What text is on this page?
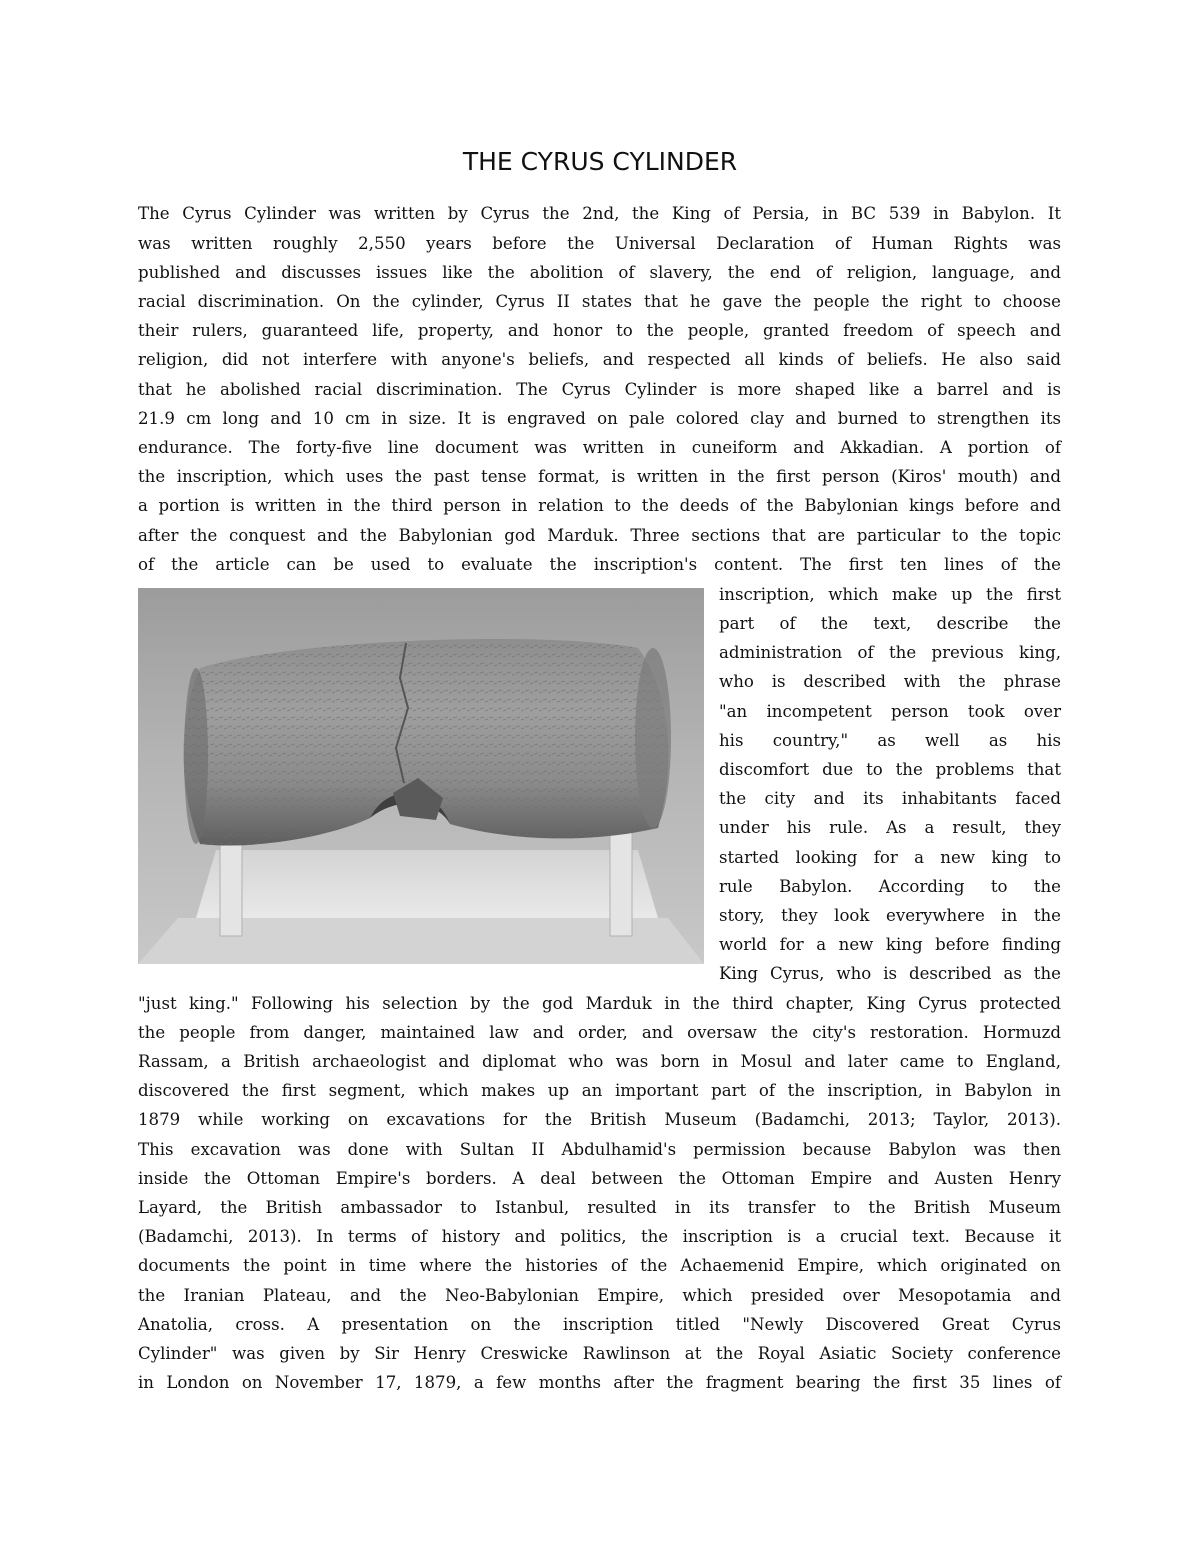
THE CYRUS CYLINDER
The Cyrus Cylinder was written by Cyrus the 2nd, the King of Persia, in BC 539 in Babylon. It
was written roughly 2,550 years before the Universal Declaration of Human Rights was
published and discusses issues like the abolition of slavery, the end of religion, language, and
racial discrimination. On the cylinder, Cyrus II states that he gave the people the right to choose
their rulers, guaranteed life, property, and honor to the people, granted freedom of speech and
religion, did not interfere with anyone's beliefs, and respected all kinds of beliefs. He also said
that he abolished racial discrimination. The Cyrus Cylinder is more shaped like a barrel and is
21.9 cm long and 10 cm in size. It is engraved on pale colored clay and burned to strengthen its
endurance. The forty-five line document was written in cuneiform and Akkadian. A portion of
the inscription, which uses the past tense format, is written in the first person (Kiros' mouth) and
a portion is written in the third person in relation to the deeds of the Babylonian kings before and
after the conquest and the Babylonian god Marduk. Three sections that are particular to the topic
of the article can be used to evaluate the inscription's content. The first ten lines of the
inscription, which make up the first
part of the text, describe the
administration of the previous king,
who is described with the phrase
"an incompetent person took over
his country," as well as his
discomfort due to the problems that
the city and its inhabitants faced
under his rule. As a result, they
started looking for a new king to
rule Babylon. According to the
story, they look everywhere in the
world for a new king before finding
King Cyrus, who is described as the
"just king." Following his selection by the god Marduk in the third chapter, King Cyrus protected
the people from danger, maintained law and order, and oversaw the city's restoration. Hormuzd
Rassam, a British archaeologist and diplomat who was born in Mosul and later came to England,
discovered the first segment, which makes up an important part of the inscription, in Babylon in
1879 while working on excavations for the British Museum (Badamchi, 2013; Taylor, 2013).
This excavation was done with Sultan II Abdulhamid's permission because Babylon was then
inside the Ottoman Empire's borders. A deal between the Ottoman Empire and Austen Henry
Layard, the British ambassador to Istanbul, resulted in its transfer to the British Museum
(Badamchi, 2013). In terms of history and politics, the inscription is a crucial text. Because it
documents the point in time where the histories of the Achaemenid Empire, which originated on
the Iranian Plateau, and the Neo-Babylonian Empire, which presided over Mesopotamia and
Anatolia, cross. A presentation on the inscription titled "Newly Discovered Great Cyrus
Cylinder" was given by Sir Henry Creswicke Rawlinson at the Royal Asiatic Society conference
in London on November 17, 1879, a few months after the fragment bearing the first 35 lines of
